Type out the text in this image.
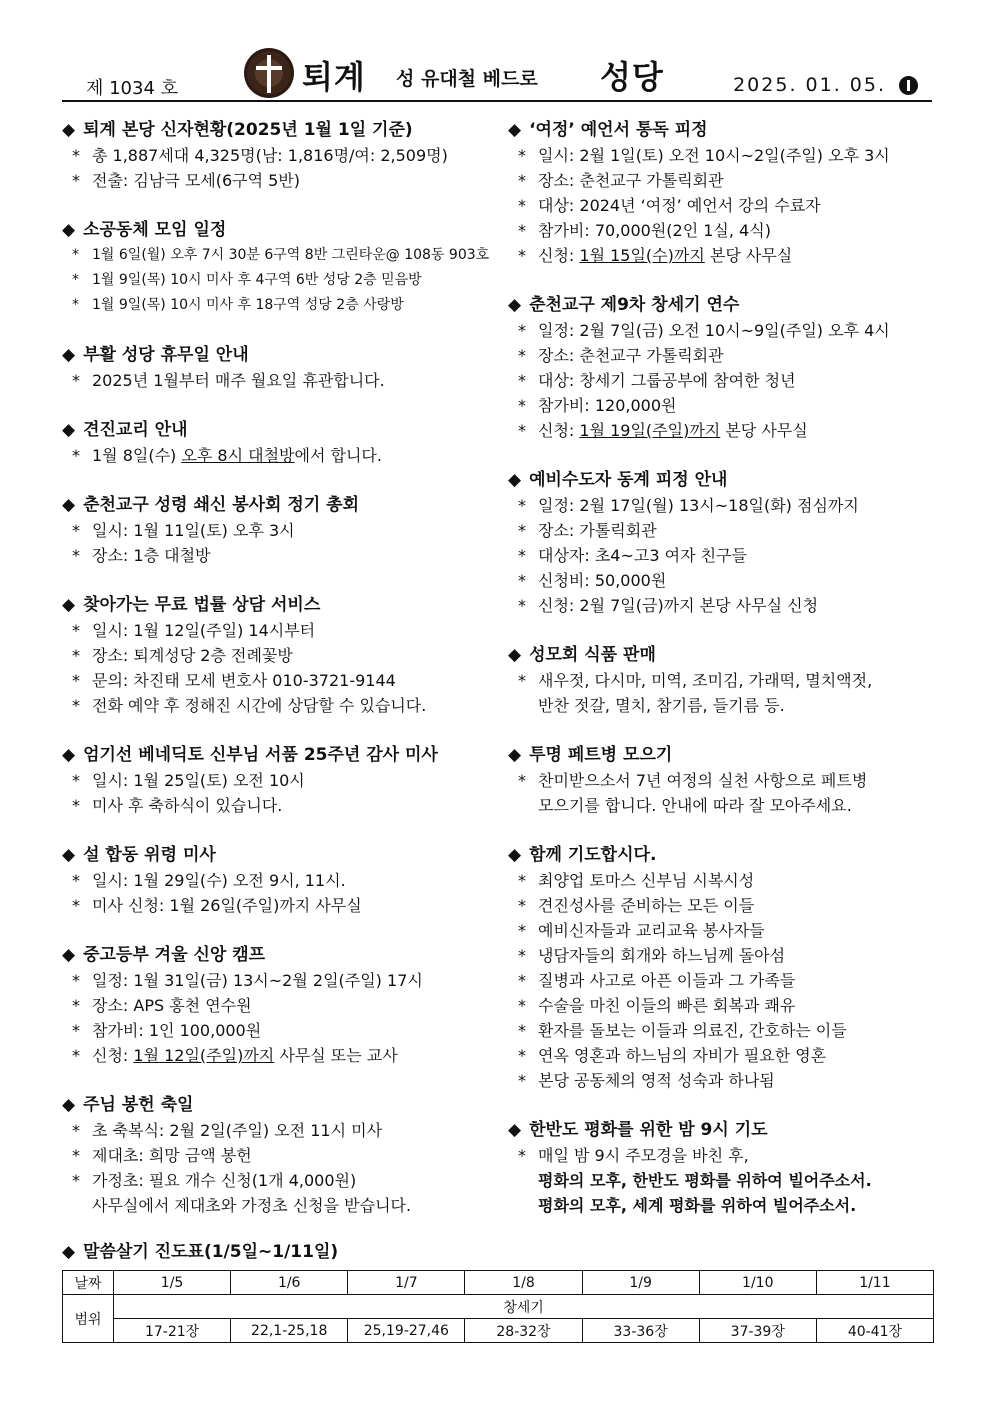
제 1034 호	퇴계 성 유대철 베드로 성당	2025. 01. 05.
◆ 퇴계 본당 신자현황(2025년 1월 1일 기준)
* 총 1,887세대 4,325명(남: 1,816명/여: 2,509명)
* 전출: 김남극 모세(6구역 5반)
◆ 소공동체 모임 일정
* 1월 6일(월) 오후 7시 30분 6구역 8반 그린타운@ 108동 903호
* 1월 9일(목) 10시 미사 후 4구역 6반 성당 2층 믿음방
* 1월 9일(목) 10시 미사 후 18구역 성당 2층 사랑방
◆ 부활 성당 휴무일 안내
* 2025년 1월부터 매주 월요일 휴관합니다.
◆ 견진교리 안내
* 1월 8일(수) 오후 8시 대철방에서 합니다.
◆ 춘천교구 성령 쇄신 봉사회 정기 총회
* 일시: 1월 11일(토) 오후 3시
* 장소: 1층 대철방
◆ 찾아가는 무료 법률 상담 서비스
* 일시: 1월 12일(주일) 14시부터
* 장소: 퇴계성당 2층 전례꽃방
* 문의: 차진태 모세 변호사 010-3721-9144
* 전화 예약 후 정해진 시간에 상담할 수 있습니다.
◆ 엄기선 베네딕토 신부님 서품 25주년 감사 미사
* 일시: 1월 25일(토) 오전 10시
* 미사 후 축하식이 있습니다.
◆ 설 합동 위령 미사
* 일시: 1월 29일(수) 오전 9시, 11시.
* 미사 신청: 1월 26일(주일)까지 사무실
◆ 중고등부 겨울 신앙 캠프
* 일정: 1월 31일(금) 13시~2월 2일(주일) 17시
* 장소: APS 홍천 연수원
* 참가비: 1인 100,000원
* 신청: 1월 12일(주일)까지 사무실 또는 교사
◆ 주님 봉헌 축일
* 초 축복식: 2월 2일(주일) 오전 11시 미사
* 제대초: 희망 금액 봉헌
* 가정초: 필요 개수 신청(1개 4,000원)
사무실에서 제대초와 가정초 신청을 받습니다.
◆ ‘여정’ 예언서 통독 피정
* 일시: 2월 1일(토) 오전 10시~2일(주일) 오후 3시
* 장소: 춘천교구 가톨릭회관
* 대상: 2024년 ‘여정’ 예언서 강의 수료자
* 참가비: 70,000원(2인 1실, 4식)
* 신청: 1월 15일(수)까지 본당 사무실
◆ 춘천교구 제9차 창세기 연수
* 일정: 2월 7일(금) 오전 10시~9일(주일) 오후 4시
* 장소: 춘천교구 가톨릭회관
* 대상: 창세기 그룹공부에 참여한 청년
* 참가비: 120,000원
* 신청: 1월 19일(주일)까지 본당 사무실
◆ 예비수도자 동계 피정 안내
* 일정: 2월 17일(월) 13시~18일(화) 점심까지
* 장소: 가톨릭회관
* 대상자: 초4~고3 여자 친구들
* 신청비: 50,000원
* 신청: 2월 7일(금)까지 본당 사무실 신청
◆ 성모회 식품 판매
* 새우젓, 다시마, 미역, 조미김, 가래떡, 멸치액젓,
반찬 젓갈, 멸치, 참기름, 들기름 등.
◆ 투명 페트병 모으기
* 찬미받으소서 7년 여정의 실천 사항으로 페트병
모으기를 합니다. 안내에 따라 잘 모아주세요.
◆ 함께 기도합시다.
* 최양업 토마스 신부님 시복시성
* 견진성사를 준비하는 모든 이들
* 예비신자들과 교리교육 봉사자들
* 냉담자들의 회개와 하느님께 돌아섬
* 질병과 사고로 아픈 이들과 그 가족들
* 수술을 마친 이들의 빠른 회복과 쾌유
* 환자를 돌보는 이들과 의료진, 간호하는 이들
* 연옥 영혼과 하느님의 자비가 필요한 영혼
* 본당 공동체의 영적 성숙과 하나됨
◆ 한반도 평화를 위한 밤 9시 기도
* 매일 밤 9시 주모경을 바친 후,
평화의 모후, 한반도 평화를 위하여 빌어주소서.
평화의 모후, 세계 평화를 위하여 빌어주소서.
◆ 말씀살기 진도표(1/5일~1/11일)
날짜	1/5	1/6	1/7	1/8	1/9	1/10	1/11
범위	창세기						
	17-21장	22,1-25,18	25,19-27,46	28-32장	33-36장	37-39장	40-41장
